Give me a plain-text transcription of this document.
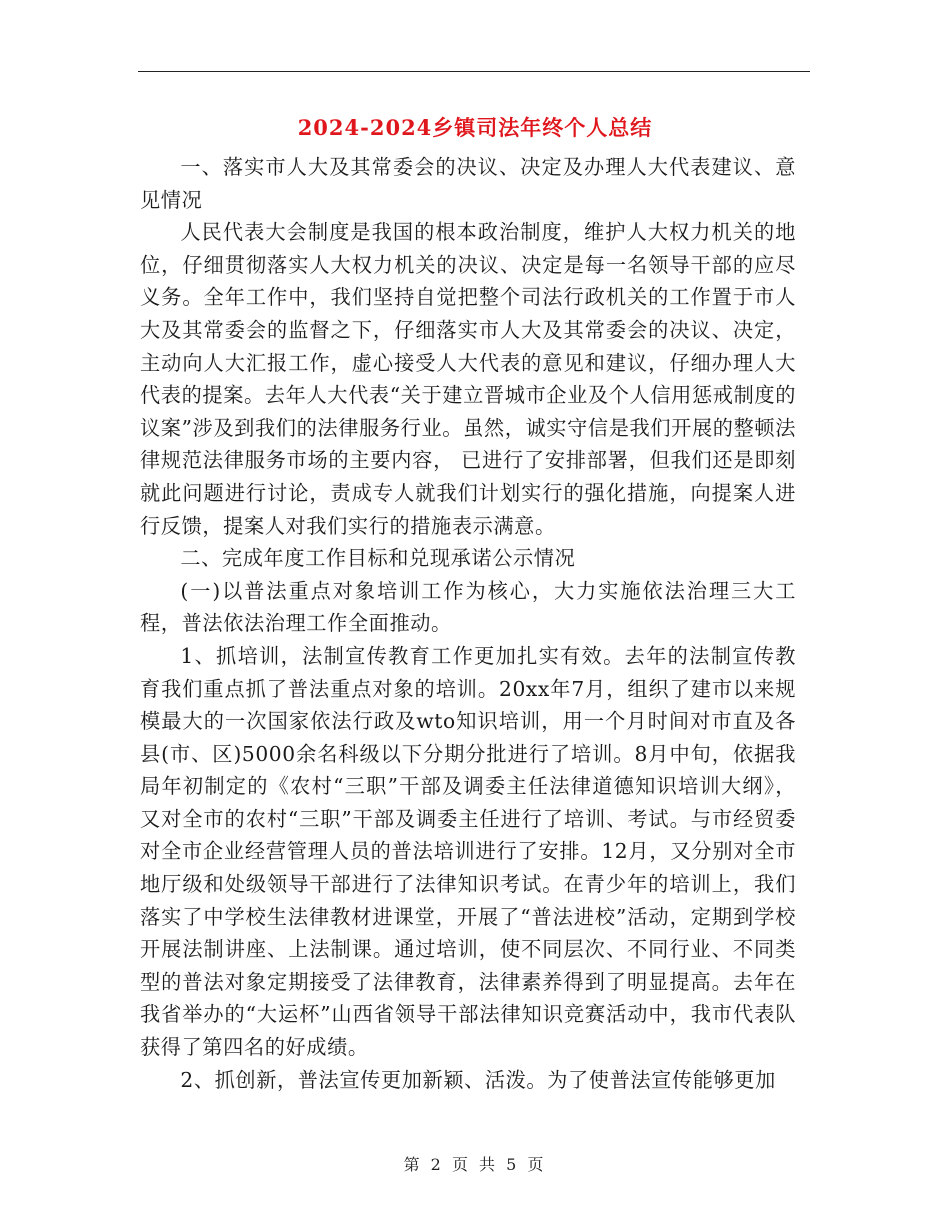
2024-2024乡镇司法年终个人总结

一、落实市人大及其常委会的决议、决定及办理人大代表建议、意见情况

人民代表大会制度是我国的根本政治制度，维护人大权力机关的地位，仔细贯彻落实人大权力机关的决议、决定是每一名领导干部的应尽义务。全年工作中，我们坚持自觉把整个司法行政机关的工作置于市人大及其常委会的监督之下，仔细落实市人大及其常委会的决议、决定，主动向人大汇报工作，虚心接受人大代表的意见和建议，仔细办理人大代表的提案。去年人大代表“关于建立晋城市企业及个人信用惩戒制度的议案”涉及到我们的法律服务行业。虽然，诚实守信是我们开展的整顿法律规范法律服务市场的主要内容， 已进行了安排部署，但我们还是即刻就此问题进行讨论，责成专人就我们计划实行的强化措施，向提案人进行反馈，提案人对我们实行的措施表示满意。

二、完成年度工作目标和兑现承诺公示情况

(一)以普法重点对象培训工作为核心，大力实施依法治理三大工程，普法依法治理工作全面推动。

1、抓培训，法制宣传教育工作更加扎实有效。去年的法制宣传教育我们重点抓了普法重点对象的培训。20xx年7月，组织了建市以来规模最大的一次国家依法行政及wto知识培训，用一个月时间对市直及各县(市、区)5000余名科级以下分期分批进行了培训。8月中旬，依据我局年初制定的《农村“三职”干部及调委主任法律道德知识培训大纲》，又对全市的农村“三职”干部及调委主任进行了培训、考试。与市经贸委对全市企业经营管理人员的普法培训进行了安排。12月，又分别对全市地厅级和处级领导干部进行了法律知识考试。在青少年的培训上，我们落实了中学校生法律教材进课堂，开展了“普法进校”活动，定期到学校开展法制讲座、上法制课。通过培训，使不同层次、不同行业、不同类型的普法对象定期接受了法律教育，法律素养得到了明显提高。去年在我省举办的“大运杯”山西省领导干部法律知识竞赛活动中，我市代表队获得了第四名的好成绩。

2、抓创新，普法宣传更加新颖、活泼。为了使普法宣传能够更加

第 2 页 共 5 页
